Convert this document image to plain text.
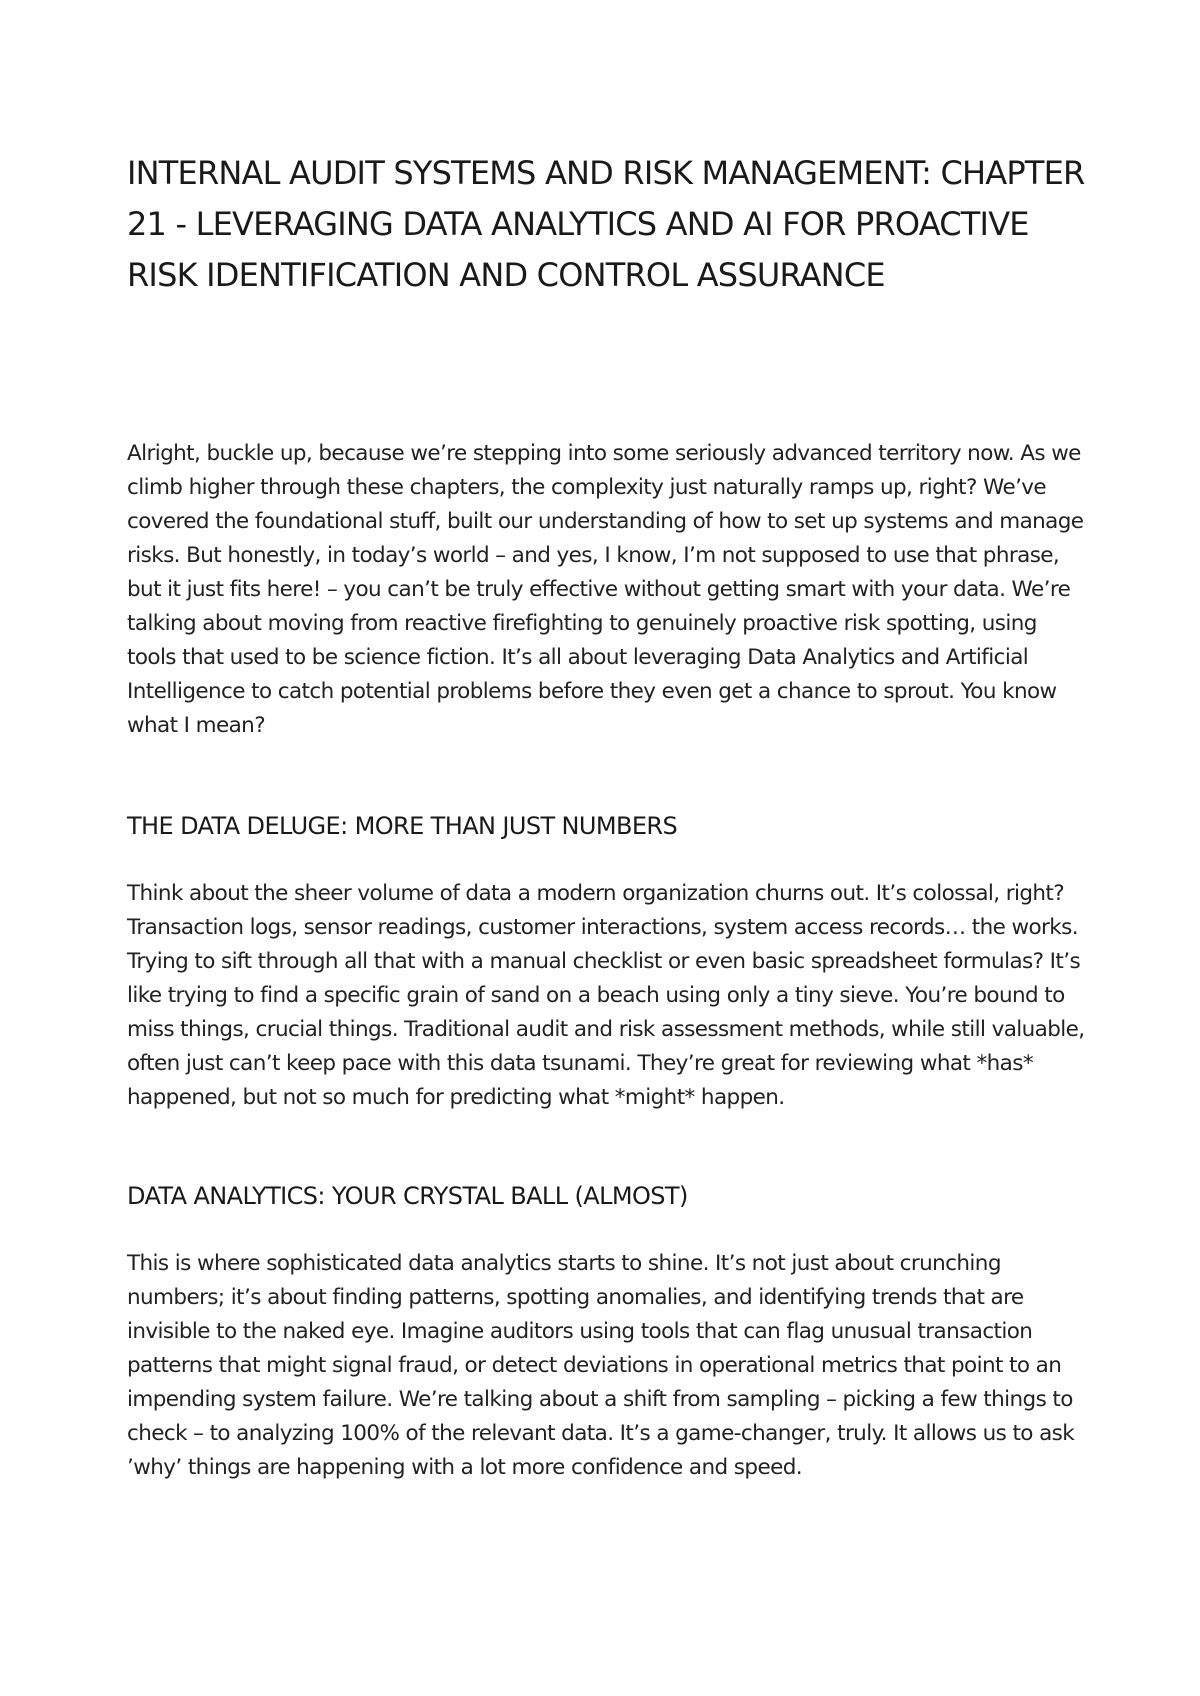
INTERNAL AUDIT SYSTEMS AND RISK MANAGEMENT: CHAPTER 21 - LEVERAGING DATA ANALYTICS AND AI FOR PROACTIVE RISK IDENTIFICATION AND CONTROL ASSURANCE

Alright, buckle up, because we’re stepping into some seriously advanced territory now. As we climb higher through these chapters, the complexity just naturally ramps up, right? We’ve covered the foundational stuff, built our understanding of how to set up systems and manage risks. But honestly, in today’s world – and yes, I know, I’m not supposed to use that phrase, but it just fits here! – you can’t be truly effective without getting smart with your data. We’re talking about moving from reactive firefighting to genuinely proactive risk spotting, using tools that used to be science fiction. It’s all about leveraging Data Analytics and Artificial Intelligence to catch potential problems before they even get a chance to sprout. You know what I mean?

THE DATA DELUGE: MORE THAN JUST NUMBERS

Think about the sheer volume of data a modern organization churns out. It’s colossal, right? Transaction logs, sensor readings, customer interactions, system access records… the works. Trying to sift through all that with a manual checklist or even basic spreadsheet formulas? It’s like trying to find a specific grain of sand on a beach using only a tiny sieve. You’re bound to miss things, crucial things. Traditional audit and risk assessment methods, while still valuable, often just can’t keep pace with this data tsunami. They’re great for reviewing what *has* happened, but not so much for predicting what *might* happen.

DATA ANALYTICS: YOUR CRYSTAL BALL (ALMOST)

This is where sophisticated data analytics starts to shine. It’s not just about crunching numbers; it’s about finding patterns, spotting anomalies, and identifying trends that are invisible to the naked eye. Imagine auditors using tools that can flag unusual transaction patterns that might signal fraud, or detect deviations in operational metrics that point to an impending system failure. We’re talking about a shift from sampling – picking a few things to check – to analyzing 100% of the relevant data. It’s a game-changer, truly. It allows us to ask ’why’ things are happening with a lot more confidence and speed.
